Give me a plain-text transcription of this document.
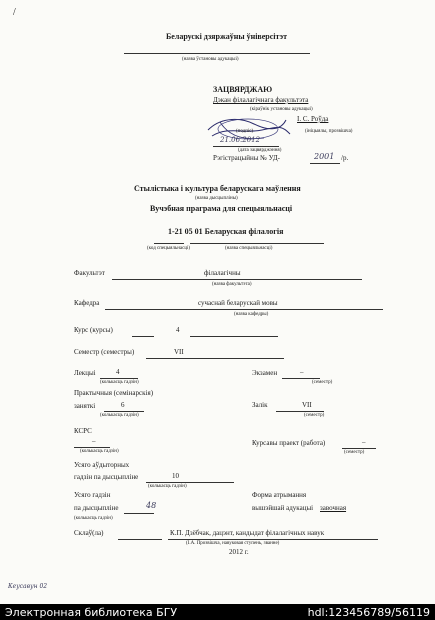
/
Беларускі дзяржаўны ўніверсітэт
(назва ўстановы адукацыі)
ЗАЦВЯРДЖАЮ
Дэкан філалагічнага факультэта
(кіраўнік установы адукацыі)
І. С. Роўда
(подпіс)	(ініцыялы, прозвішча)
21.06.2012
(дата зацвярджэння)
Рэгістрацыйны № УД-	2001 /р.
Стылістыка і культура беларускага маўлення
(назва дысцыпліны)
Вучэбная праграма для спецыяльнасці
1-21 05 01 Беларуская філалогія
(код спецыяльнасці)	(назва спецыяльнасці)
Факультэт	філалагічны
(назва факультэта)
Кафедра	сучаснай беларускай мовы
(назва кафедры)
Курс (курсы)	4
Семестр (семестры)	VII
Лекцыі	4
(колькасць гадзін)
Экзамен	–
(семестр)
Практычныя (семінарскія)
заняткі	6
(колькасць гадзін)
Залік	VII
(семестр)
КСРС
–
(колькасць гадзін)
Курсавы праект (работа)	–
(семестр)
Усяго аўдыторных
гадзін па дысцыпліне	10
(колькасць гадзін)
Усяго гадзін
па дысцыпліне	48
(колькасць гадзін)
Форма атрымання
вышэйшай адукацыі завочная
Склаў(ла)	К.П. Дзёбчак, дацэнт, кандыдат філалагічных навук
(І.А. Прозвішча, навуковая ступень, званне)
2012 г.
Кеусавун 02
Электронная библиотека БГУ	hdl:123456789/56119
